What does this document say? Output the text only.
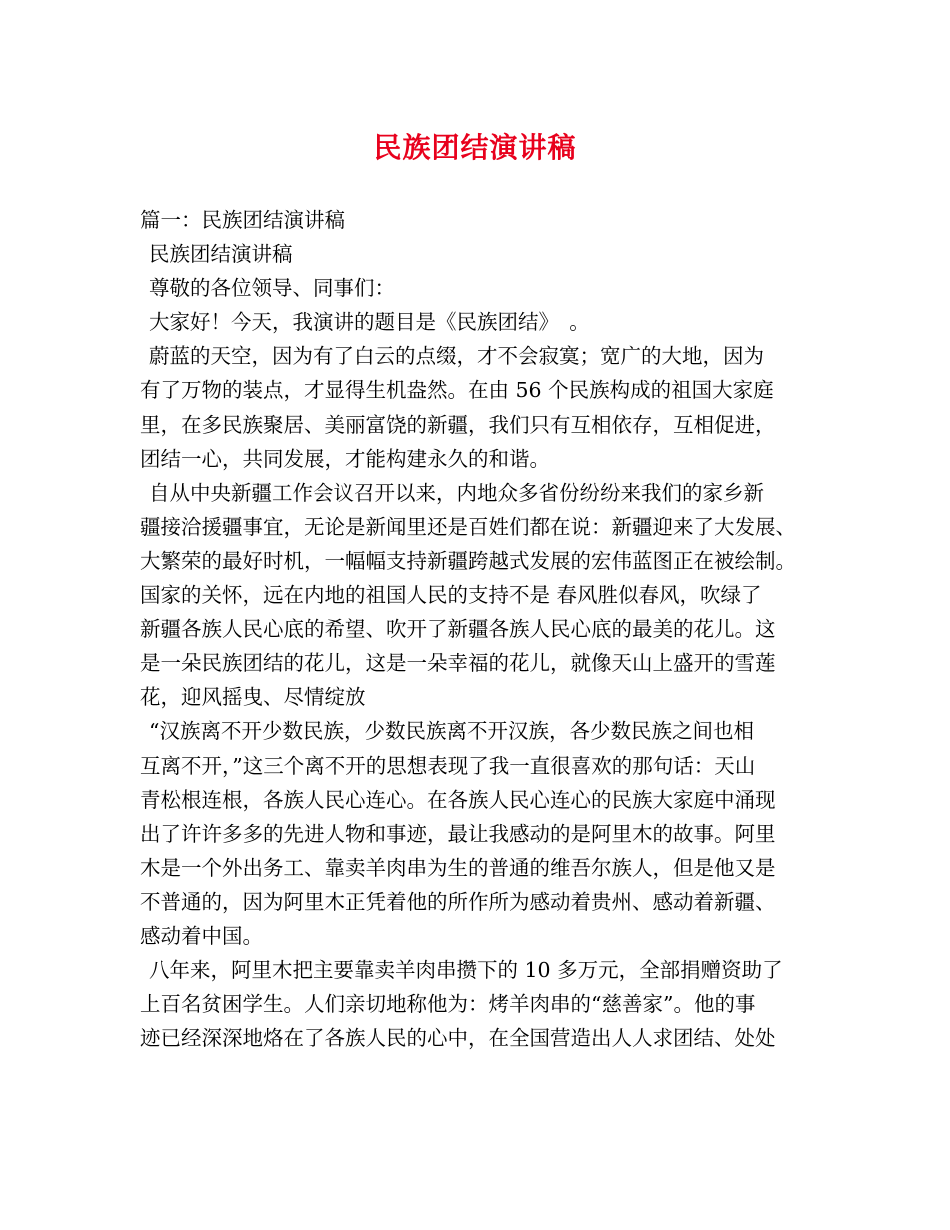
民族团结演讲稿
篇一：民族团结演讲稿
民族团结演讲稿
尊敬的各位领导、同事们：
大家好！今天，我演讲的题目是《民族团结》　。
蔚蓝的天空，因为有了白云的点缀，才不会寂寞；宽广的大地，因为
有了万物的装点，才显得生机盎然。在由 56 个民族构成的祖国大家庭
里，在多民族聚居、美丽富饶的新疆，我们只有互相依存，互相促进，
团结一心，共同发展，才能构建永久的和谐。
自从中央新疆工作会议召开以来，内地众多省份纷纷来我们的家乡新
疆接洽援疆事宜，无论是新闻里还是百姓们都在说：新疆迎来了大发展、
大繁荣的最好时机，一幅幅支持新疆跨越式发展的宏伟蓝图正在被绘制。
国家的关怀，远在内地的祖国人民的支持不是 春风胜似春风，吹绿了
新疆各族人民心底的希望、吹开了新疆各族人民心底的最美的花儿。这
是一朵民族团结的花儿，这是一朵幸福的花儿，就像天山上盛开的雪莲
花，迎风摇曳、尽情绽放
“汉族离不开少数民族，少数民族离不开汉族，各少数民族之间也相
互离不开，”这三个离不开的思想表现了我一直很喜欢的那句话：天山
青松根连根，各族人民心连心。在各族人民心连心的民族大家庭中涌现
出了许许多多的先进人物和事迹，最让我感动的是阿里木的故事。阿里
木是一个外出务工、靠卖羊肉串为生的普通的维吾尔族人，但是他又是
不普通的，因为阿里木正凭着他的所作所为感动着贵州、感动着新疆、
感动着中国。
八年来，阿里木把主要靠卖羊肉串攒下的 10 多万元，全部捐赠资助了
上百名贫困学生。人们亲切地称他为：烤羊肉串的“慈善家”。他的事
迹已经深深地烙在了各族人民的心中，在全国营造出人人求团结、处处
